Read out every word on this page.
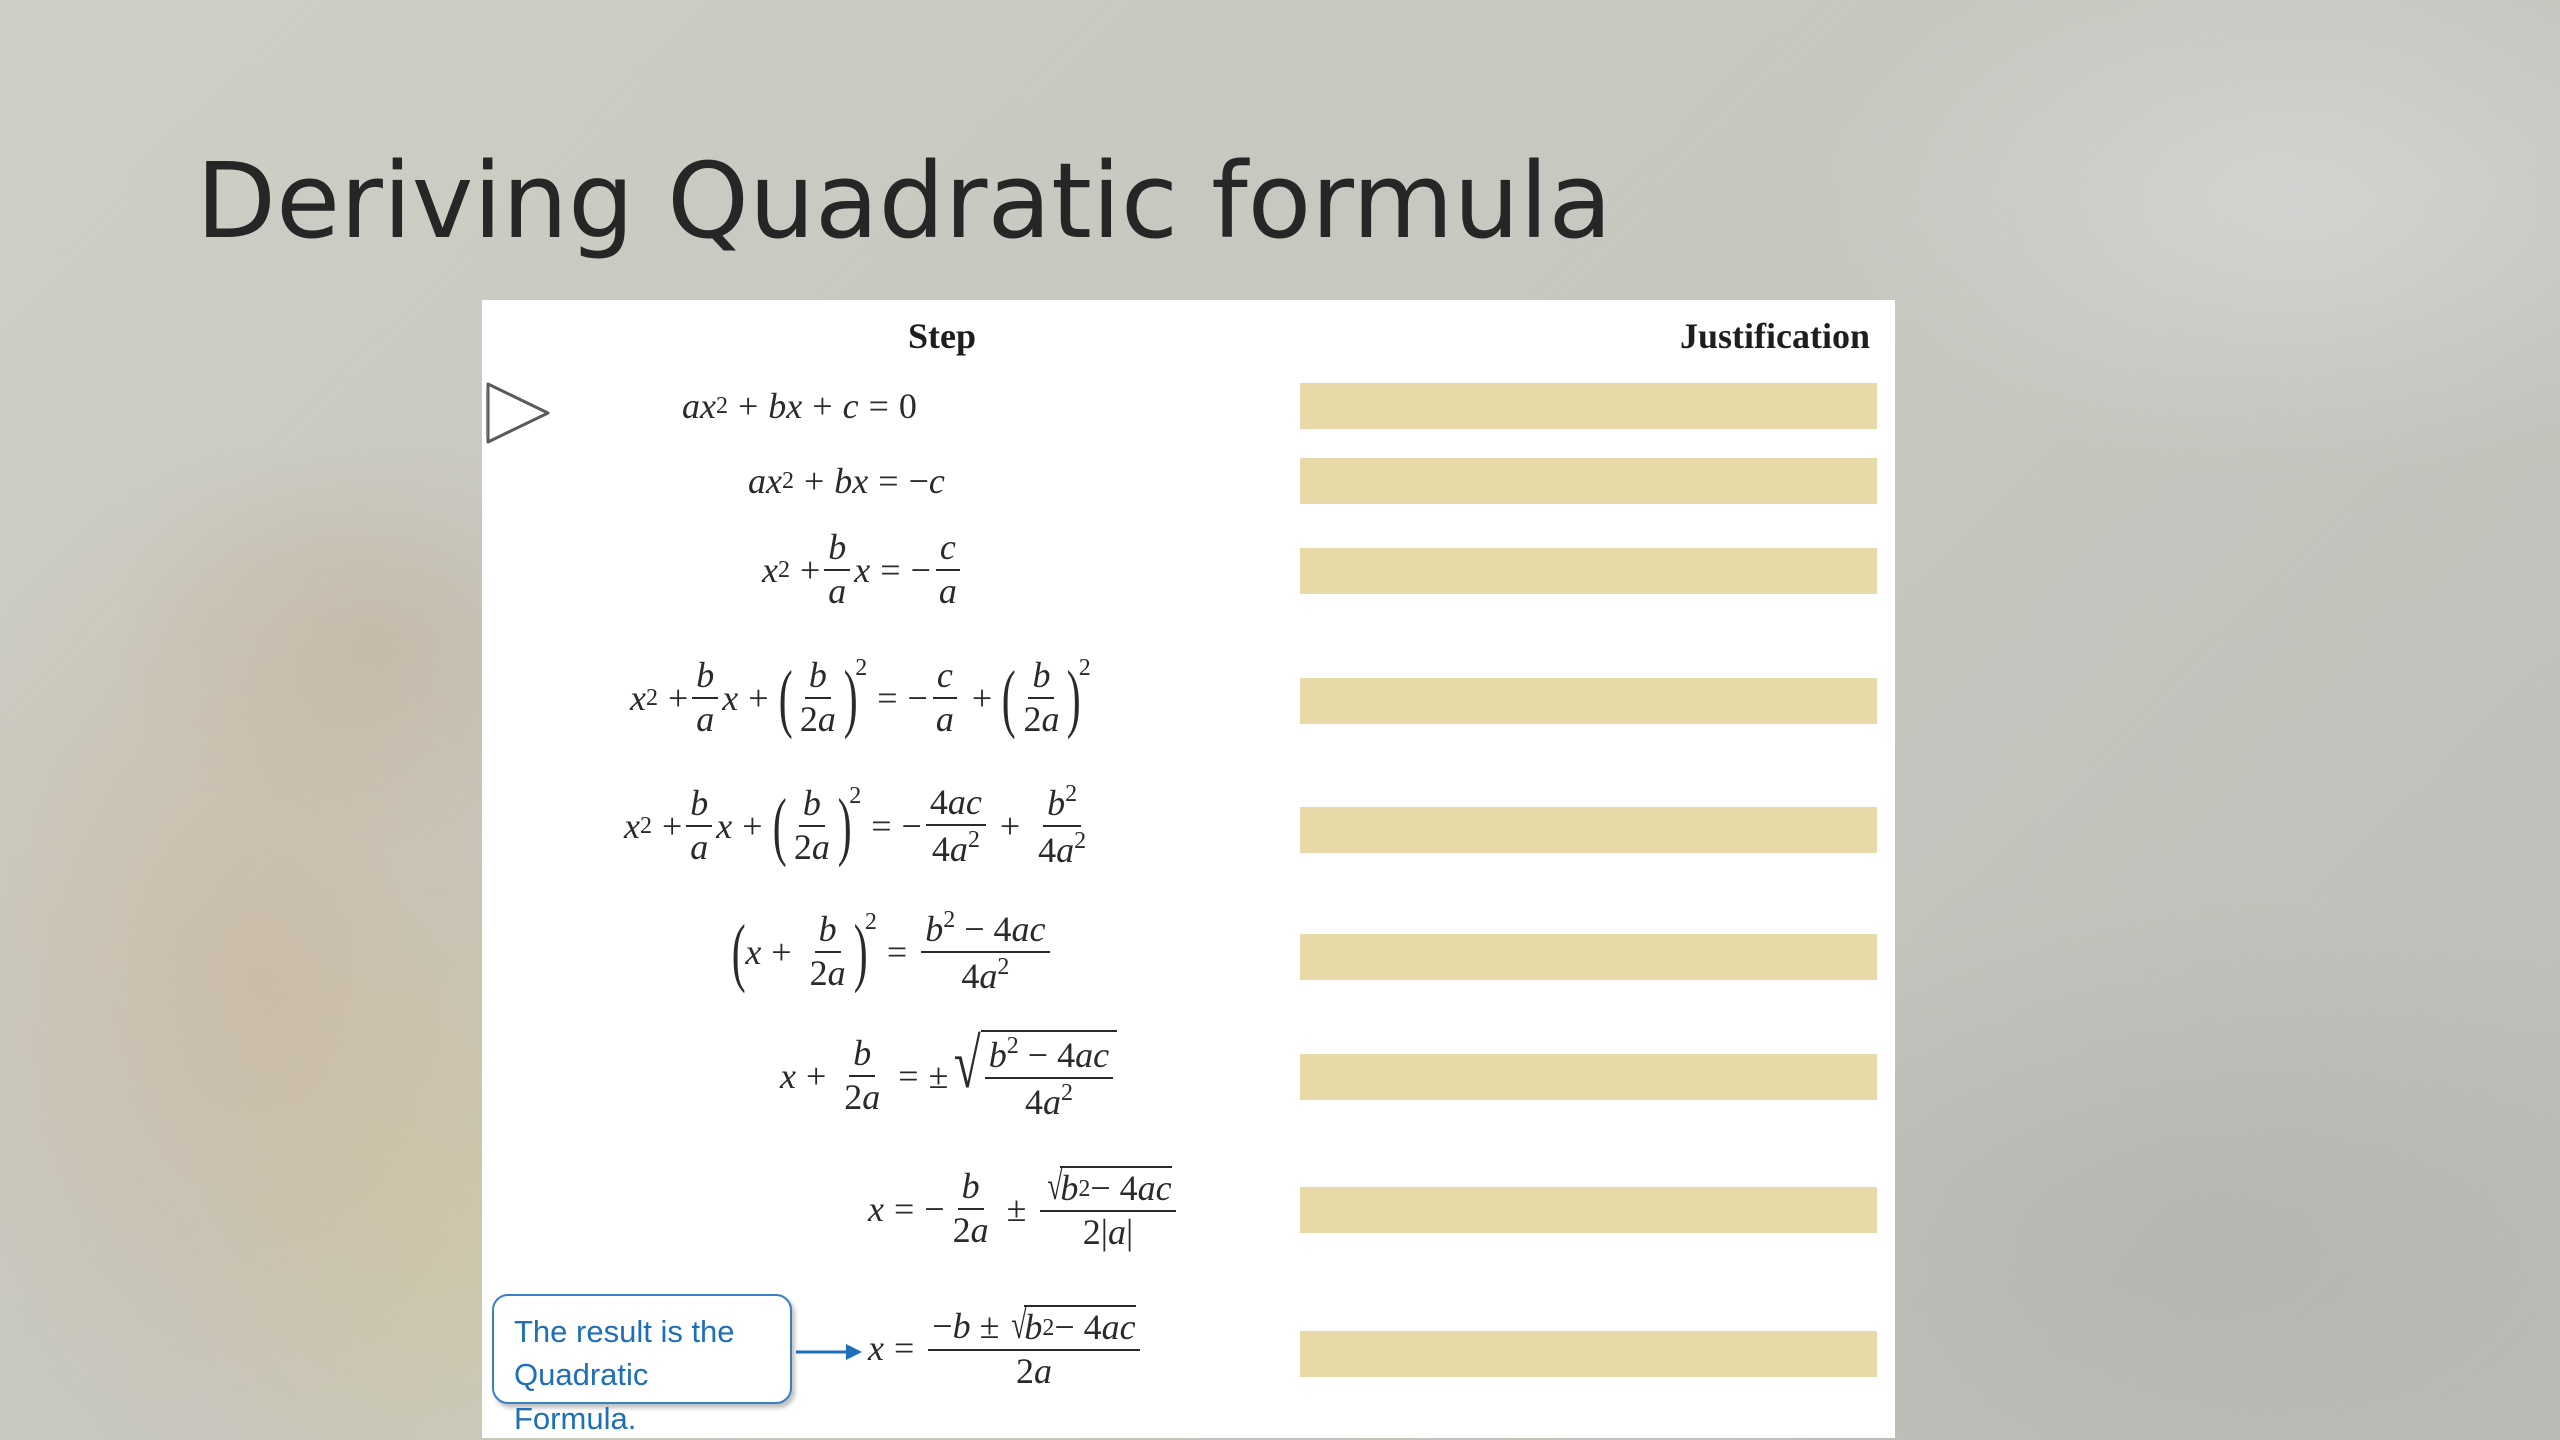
Deriving Quadratic formula
Step	Justification
ax 2 + bx + c = 0
ax 2 + bx = − c
x $2 + \frac{b}{a}$ x = − $\frac{c}{a}$
x $2 + \frac{b}{a}$ x + ( $\frac{b}{2a}$ )
2
= − $\frac{c}{a}$ + ( $\frac{b}{2a}$ )
2
x $2 + \frac{b}{a}$ x + ( $\frac{b}{2a}$ )
2
= − $\frac{4ac}{4a^2} + \frac{b^2}{4a^2}$
( $x + \frac{b}{2a}$ )
2
= $\frac{b^2 - 4ac}{4a^2}$
$x + \frac{b}{2a}$ = ± √ $\frac{b^2 - 4ac}{4a^2}$
x = − $\frac{b}{2a}$ ± √
b 2 − 4 ac
2|a|
x = −b ± √
b 2 − 4 ac
2a
The result is the
Quadratic Formula.
